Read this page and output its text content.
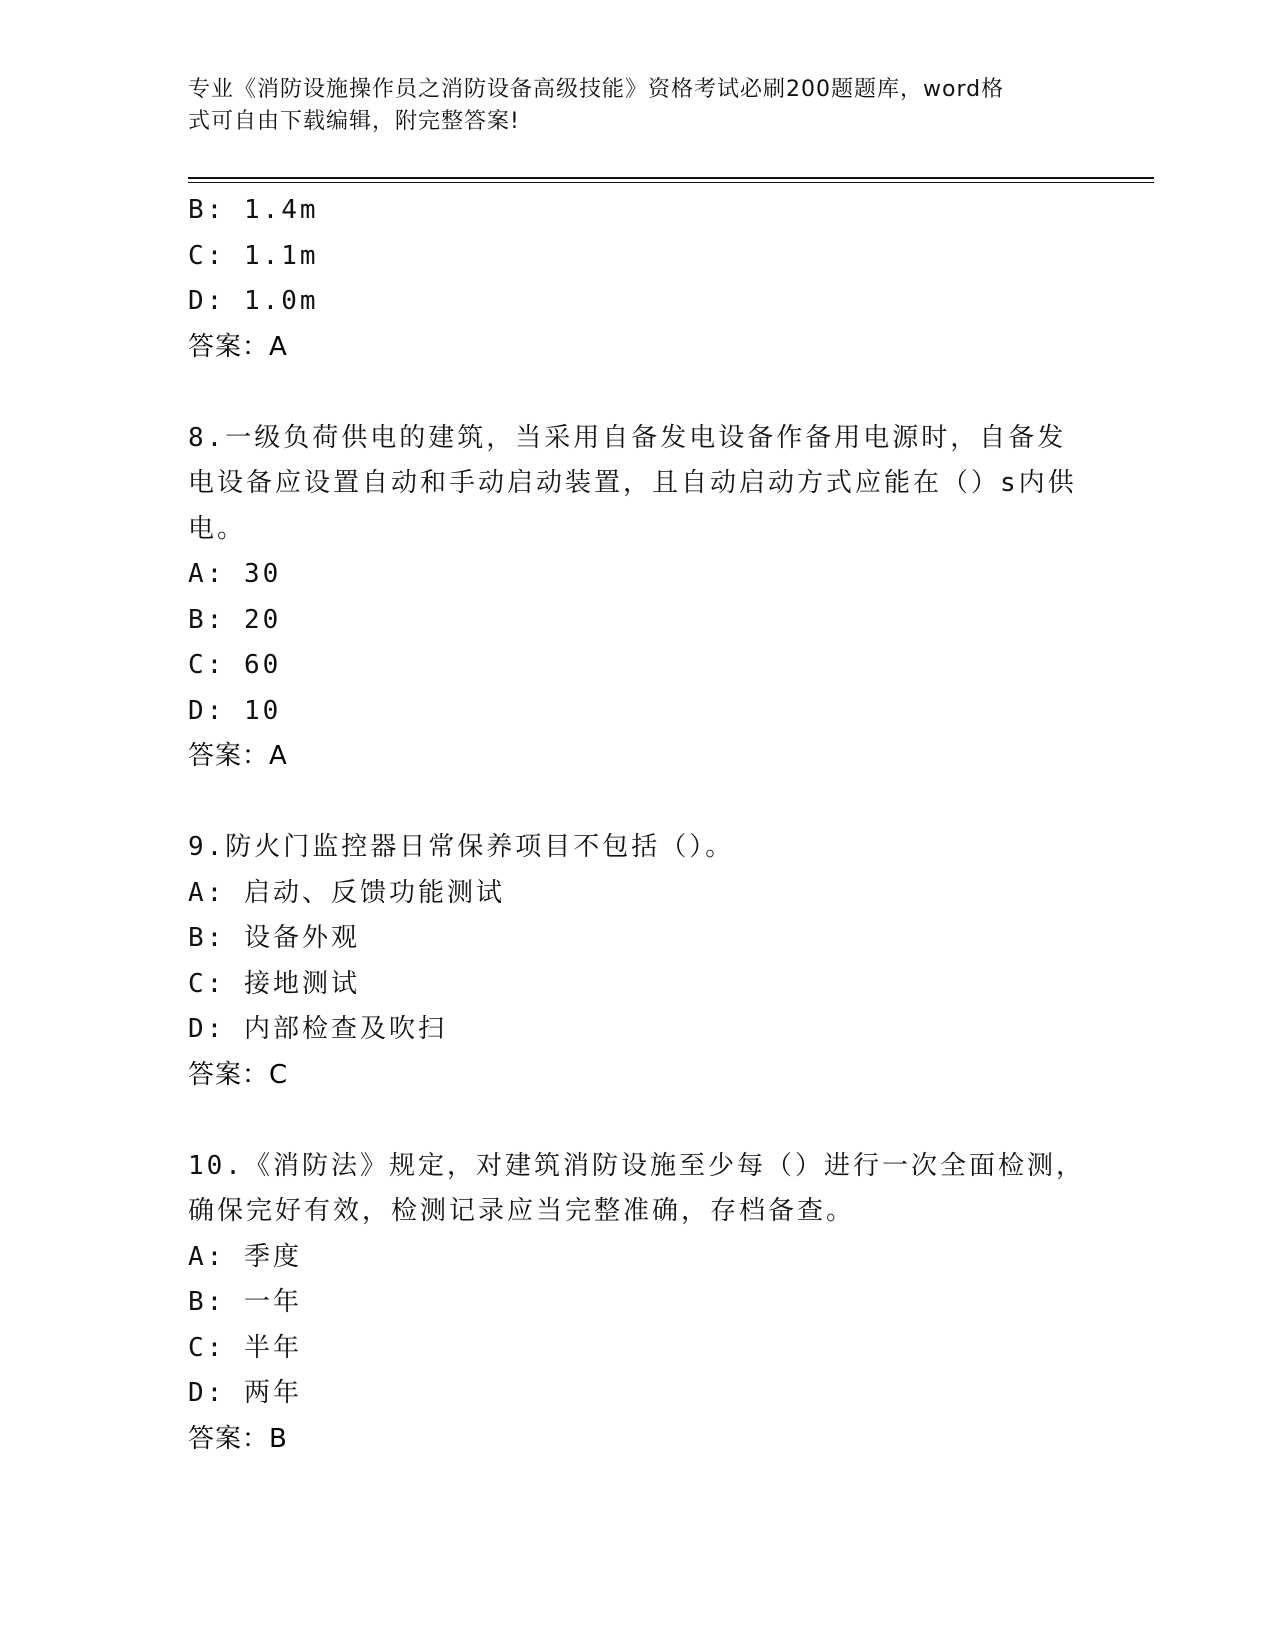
专业《消防设施操作员之消防设备高级技能》资格考试必刷200题题库，word格
式可自由下载编辑，附完整答案!
B: 1.4m
C: 1.1m
D: 1.0m
答案：A
8.一级负荷供电的建筑，当采用自备发电设备作备用电源时，自备发
电设备应设置自动和手动启动装置，且自动启动方式应能在（）s内供
电。
A: 30
B: 20
C: 60
D: 10
答案：A
9.防火门监控器日常保养项目不包括（）。
A: 启动、反馈功能测试
B: 设备外观
C: 接地测试
D: 内部检查及吹扫
答案：C
10.《消防法》规定，对建筑消防设施至少每（）进行一次全面检测，
确保完好有效，检测记录应当完整准确，存档备查。
A: 季度
B: 一年
C: 半年
D: 两年
答案：B
